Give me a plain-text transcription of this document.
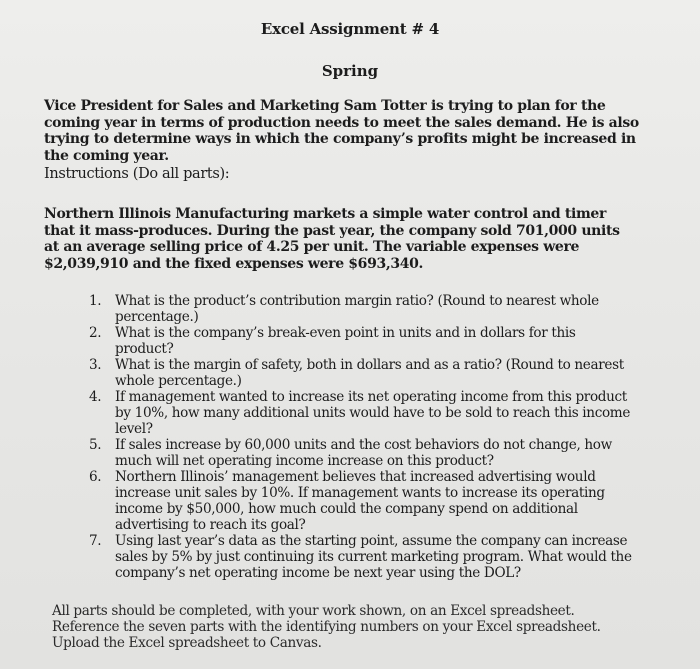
Excel Assignment # 4
Spring
Vice President for Sales and Marketing Sam Totter is trying to plan for the coming year in terms of production needs to meet the sales demand. He is also trying to determine ways in which the company’s profits might be increased in the coming year.
Instructions (Do all parts):
Northern Illinois Manufacturing markets a simple water control and timer that it mass-produces. During the past year, the company sold 701,000 units at an average selling price of 4.25 per unit. The variable expenses were $2,039,910 and the fixed expenses were $693,340.
1.	What is the product’s contribution margin ratio? (Round to nearest whole percentage.)
2.	What is the company’s break-even point in units and in dollars for this product?
3.	What is the margin of safety, both in dollars and as a ratio? (Round to nearest whole percentage.)
4.	If management wanted to increase its net operating income from this product by 10%, how many additional units would have to be sold to reach this income level?
5.	If sales increase by 60,000 units and the cost behaviors do not change, how much will net operating income increase on this product?
6.	Northern Illinois’ management believes that increased advertising would increase unit sales by 10%. If management wants to increase its operating income by $50,000, how much could the company spend on additional advertising to reach its goal?
7.	Using last year’s data as the starting point, assume the company can increase sales by 5% by just continuing its current marketing program. What would the company’s net operating income be next year using the DOL?
All parts should be completed, with your work shown, on an Excel spreadsheet. Reference the seven parts with the identifying numbers on your Excel spreadsheet. Upload the Excel spreadsheet to Canvas.
